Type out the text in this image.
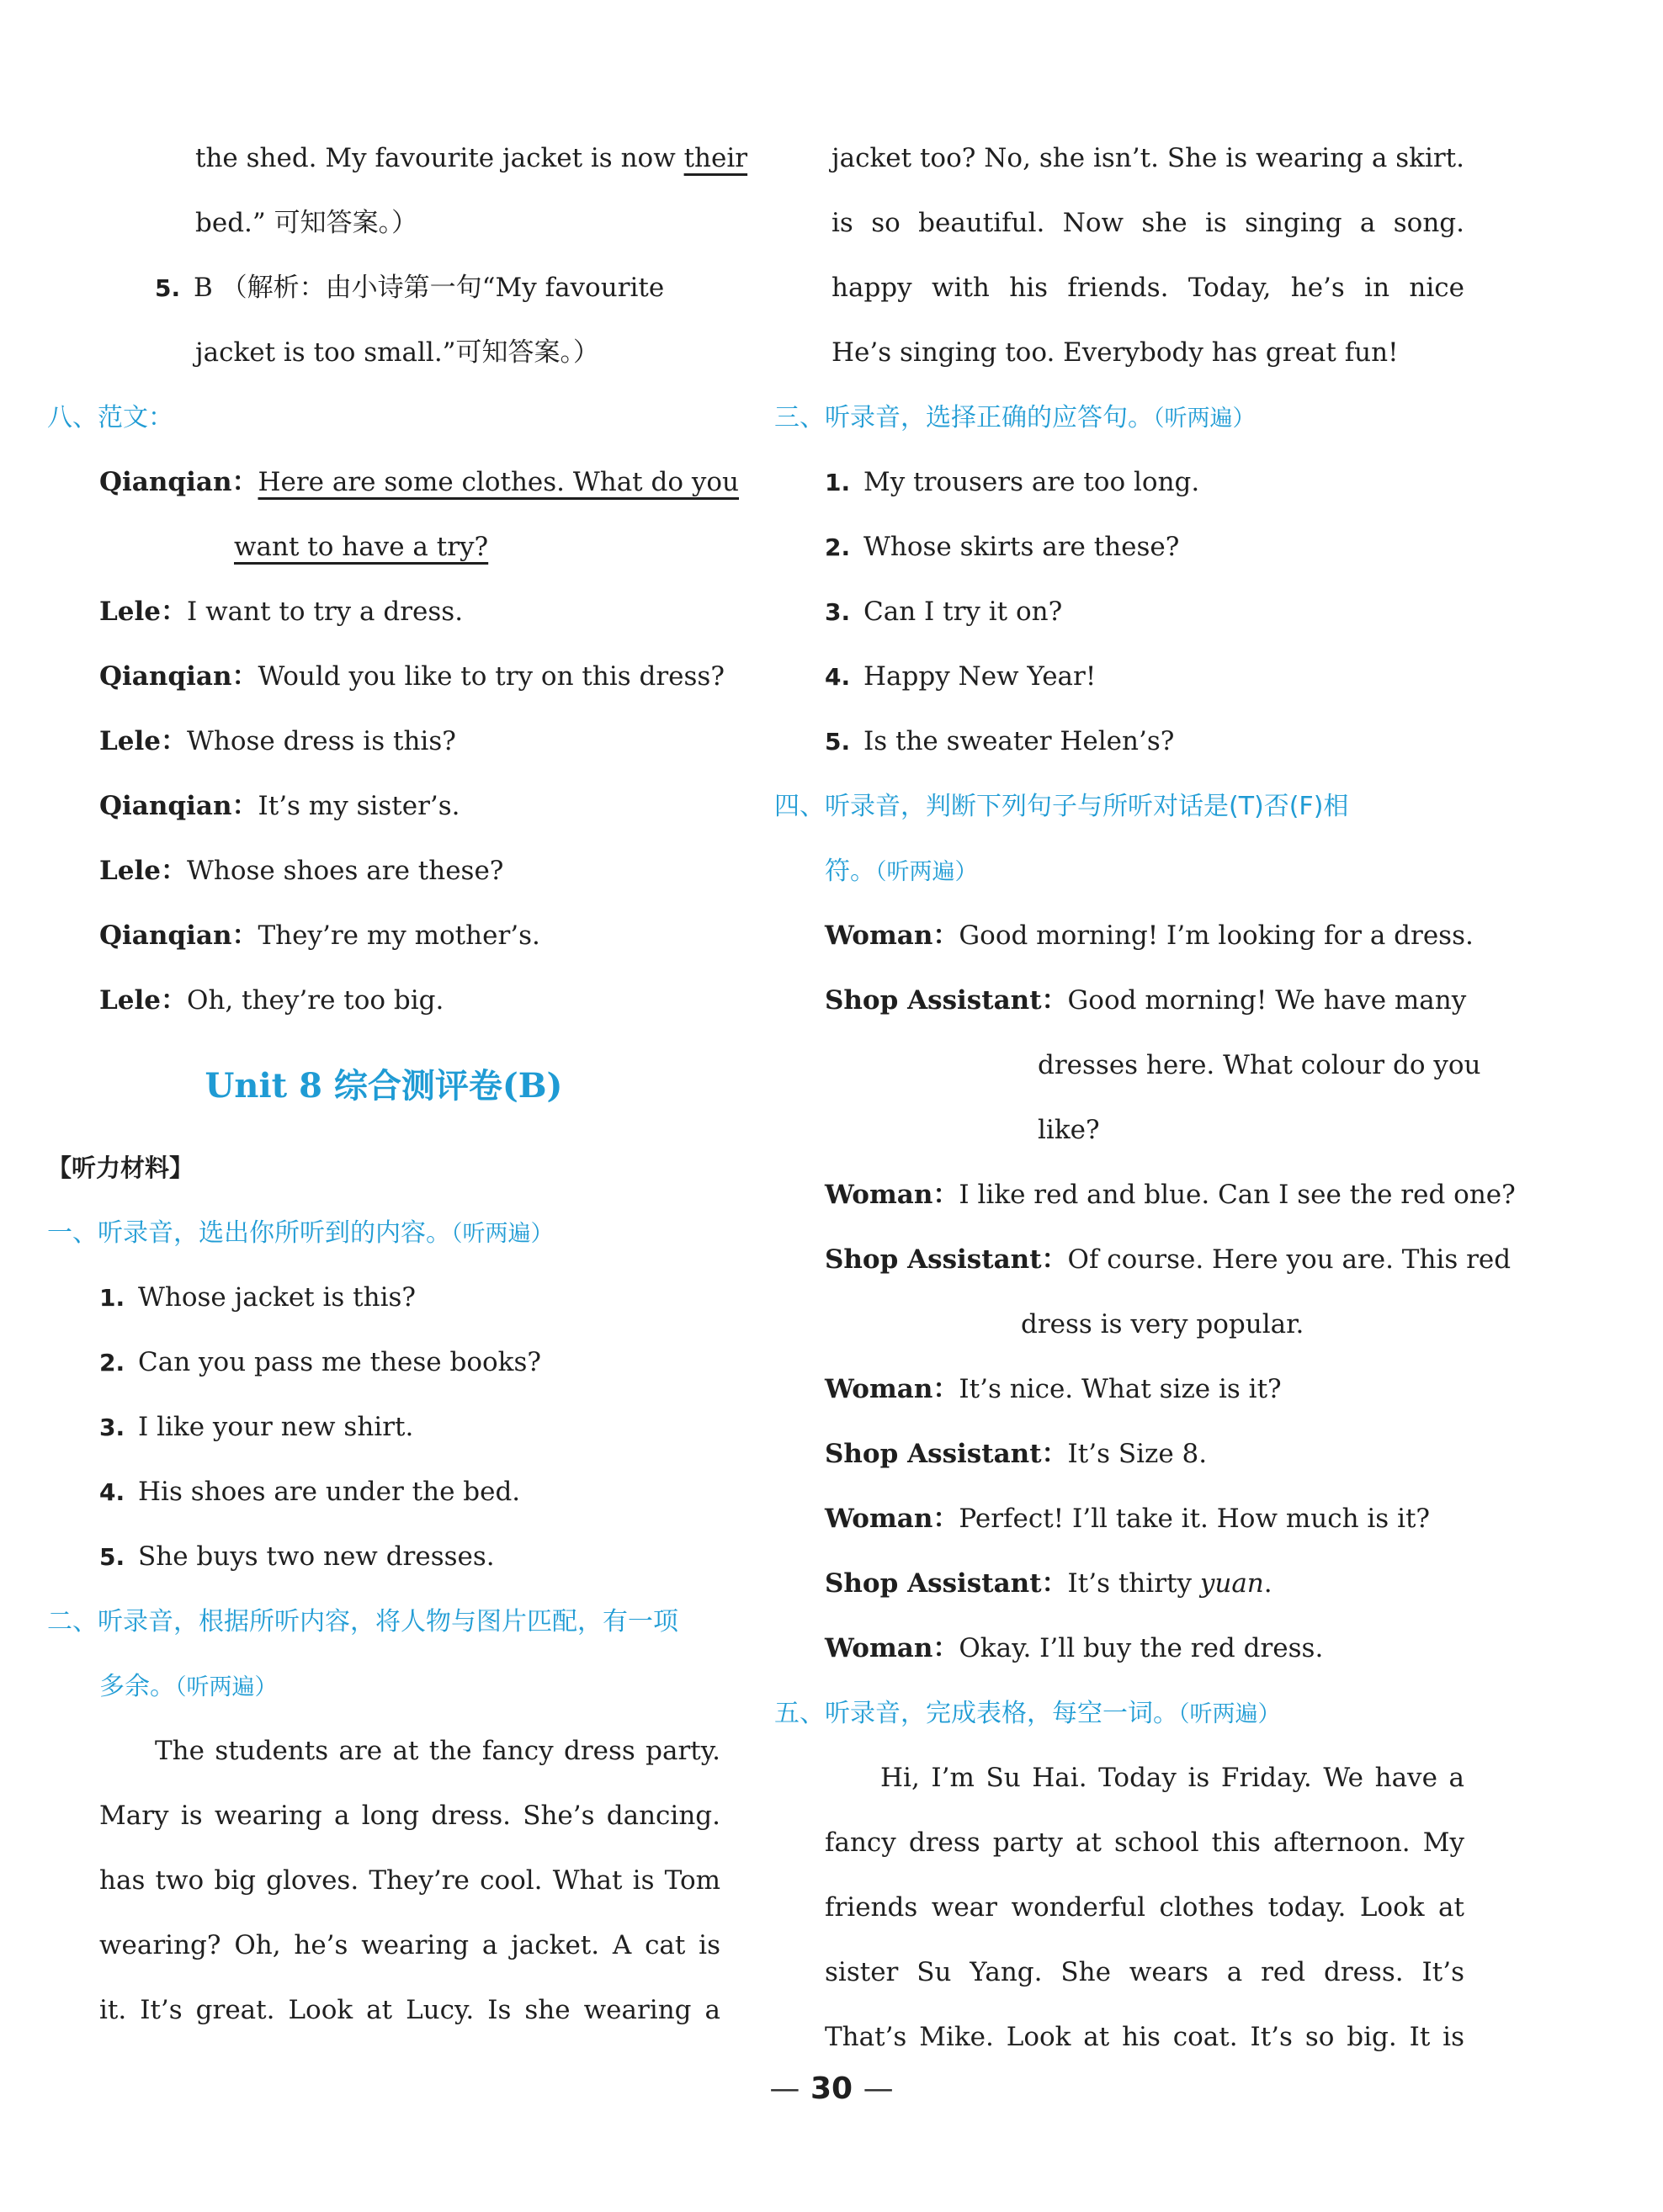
the shed. My favourite jacket is now their
bed.” 可知答案。）
5. B （解析：由小诗第一句“My favourite
jacket is too small.”可知答案。）
八、范文：
Qianqian：Here are some clothes. What do you
want to have a try?
Lele：I want to try a dress.
Qianqian：Would you like to try on this dress?
Lele：Whose dress is this?
Qianqian：It’s my sister’s.
Lele：Whose shoes are these?
Qianqian：They’re my mother’s.
Lele：Oh, they’re too big.
Unit 8 综合测评卷(B)
【听力材料】
一、听录音，选出你所听到的内容。（听两遍）
1. Whose jacket is this?
2. Can you pass me these books?
3. I like your new shirt.
4. His shoes are under the bed.
5. She buys two new dresses.
二、听录音，根据所听内容，将人物与图片匹配，有一项
多余。（听两遍）
The students are at the fancy dress party.
Mary is wearing a long dress. She’s dancing.
has two big gloves. They’re cool. What is Tom
wearing? Oh, he’s wearing a jacket. A cat is
it. It’s great. Look at Lucy. Is she wearing a
jacket too? No, she isn’t. She is wearing a skirt.
is so beautiful. Now she is singing a song.
happy with his friends. Today, he’s in nice
He’s singing too. Everybody has great fun!
三、听录音，选择正确的应答句。（听两遍）
1. My trousers are too long.
2. Whose skirts are these?
3. Can I try it on?
4. Happy New Year!
5. Is the sweater Helen’s?
四、听录音，判断下列句子与所听对话是(T)否(F)相
符。（听两遍）
Woman：Good morning! I’m looking for a dress.
Shop Assistant：Good morning! We have many
dresses here. What colour do you
like?
Woman：I like red and blue. Can I see the red one?
Shop Assistant：Of course. Here you are. This red
dress is very popular.
Woman：It’s nice. What size is it?
Shop Assistant：It’s Size 8.
Woman：Perfect! I’ll take it. How much is it?
Shop Assistant：It’s thirty yuan.
Woman：Okay. I’ll buy the red dress.
五、听录音，完成表格，每空一词。（听两遍）
Hi, I’m Su Hai. Today is Friday. We have a
fancy dress party at school this afternoon. My
friends wear wonderful clothes today. Look at
sister Su Yang. She wears a red dress. It’s
That’s Mike. Look at his coat. It’s so big. It is
— 30 —
